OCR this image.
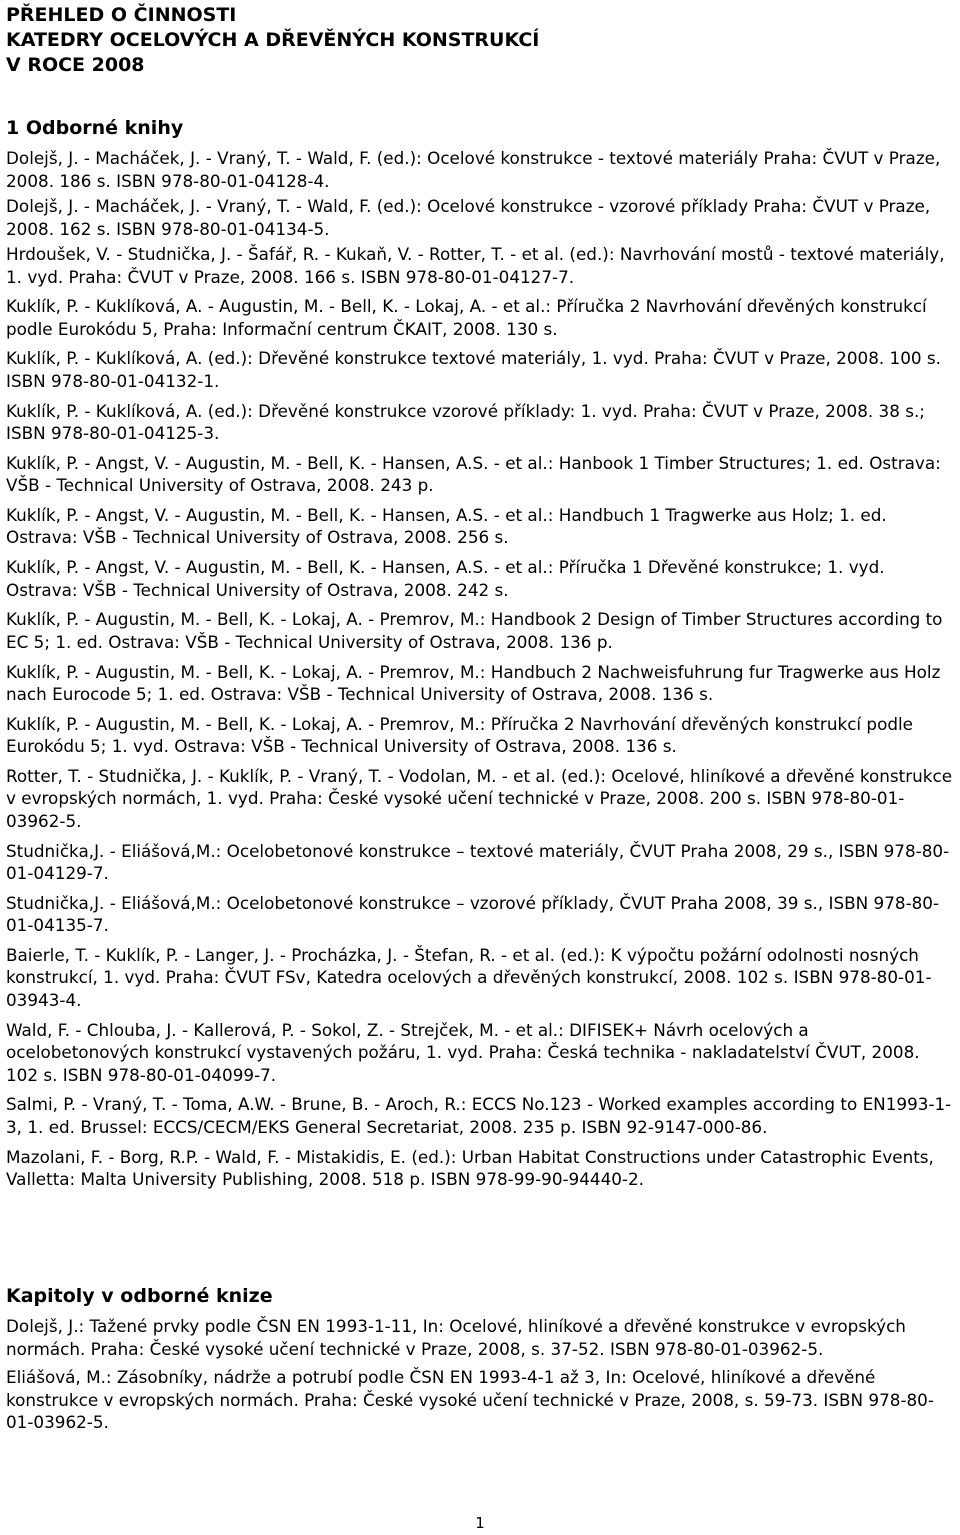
PŘEHLED O ČINNOSTI
KATEDRY OCELOVÝCH A DŘEVĚNÝCH KONSTRUKCÍ
V ROCE 2008
1 Odborné knihy

Dolejš, J. - Macháček, J. - Vraný, T. - Wald, F. (ed.): Ocelové konstrukce - textové materiály Praha: ČVUT v Praze, 2008. 186 s. ISBN 978-80-01-04128-4.

Dolejš, J. - Macháček, J. - Vraný, T. - Wald, F. (ed.): Ocelové konstrukce - vzorové příklady Praha: ČVUT v Praze, 2008. 162 s. ISBN 978-80-01-04134-5.

Hrdoušek, V. - Studnička, J. - Šafář, R. - Kukaň, V. - Rotter, T. - et al. (ed.): Navrhování mostů - textové materiály, 1. vyd. Praha: ČVUT v Praze, 2008. 166 s. ISBN 978-80-01-04127-7.

Kuklík, P. - Kuklíková, A. - Augustin, M. - Bell, K. - Lokaj, A. - et al.: Příručka 2 Navrhování dřevěných konstrukcí podle Eurokódu 5, Praha: Informační centrum ČKAIT, 2008. 130 s.

Kuklík, P. - Kuklíková, A. (ed.): Dřevěné konstrukce textové materiály, 1. vyd. Praha: ČVUT v Praze, 2008. 100 s. ISBN 978-80-01-04132-1.

Kuklík, P. - Kuklíková, A. (ed.): Dřevěné konstrukce vzorové příklady: 1. vyd. Praha: ČVUT v Praze, 2008. 38 s.; ISBN 978-80-01-04125-3.

Kuklík, P. - Angst, V. - Augustin, M. - Bell, K. - Hansen, A.S. - et al.: Hanbook 1 Timber Structures; 1. ed. Ostrava: VŠB - Technical University of Ostrava, 2008. 243 p.

Kuklík, P. - Angst, V. - Augustin, M. - Bell, K. - Hansen, A.S. - et al.: Handbuch 1 Tragwerke aus Holz; 1. ed. Ostrava: VŠB - Technical University of Ostrava, 2008. 256 s.

Kuklík, P. - Angst, V. - Augustin, M. - Bell, K. - Hansen, A.S. - et al.: Příručka 1 Dřevěné konstrukce; 1. vyd. Ostrava: VŠB - Technical University of Ostrava, 2008. 242 s.

Kuklík, P. - Augustin, M. - Bell, K. - Lokaj, A. - Premrov, M.: Handbook 2 Design of Timber Structures according to EC 5; 1. ed. Ostrava: VŠB - Technical University of Ostrava, 2008. 136 p.

Kuklík, P. - Augustin, M. - Bell, K. - Lokaj, A. - Premrov, M.: Handbuch 2 Nachweisfuhrung fur Tragwerke aus Holz nach Eurocode 5; 1. ed. Ostrava: VŠB - Technical University of Ostrava, 2008. 136 s.

Kuklík, P. - Augustin, M. - Bell, K. - Lokaj, A. - Premrov, M.: Příručka 2 Navrhování dřevěných konstrukcí podle Eurokódu 5; 1. vyd. Ostrava: VŠB - Technical University of Ostrava, 2008. 136 s.

Rotter, T. - Studnička, J. - Kuklík, P. - Vraný, T. - Vodolan, M. - et al. (ed.): Ocelové, hliníkové a dřevěné konstrukce v evropských normách, 1. vyd. Praha: České vysoké učení technické v Praze, 2008. 200 s. ISBN 978-80-01-03962-5.

Studnička,J. - Eliášová,M.: Ocelobetonové konstrukce – textové materiály, ČVUT Praha 2008, 29 s., ISBN 978-80-01-04129-7.

Studnička,J. - Eliášová,M.: Ocelobetonové konstrukce – vzorové příklady, ČVUT Praha 2008, 39 s., ISBN 978-80-01-04135-7.

Baierle, T. - Kuklík, P. - Langer, J. - Procházka, J. - Štefan, R. - et al. (ed.): K výpočtu požární odolnosti nosných konstrukcí, 1. vyd. Praha: ČVUT FSv, Katedra ocelových a dřevěných konstrukcí, 2008. 102 s. ISBN 978-80-01-03943-4.

Wald, F. - Chlouba, J. - Kallerová, P. - Sokol, Z. - Strejček, M. - et al.: DIFISEK+ Návrh ocelových a ocelobetonových konstrukcí vystavených požáru, 1. vyd. Praha: Česká technika - nakladatelství ČVUT, 2008. 102 s. ISBN 978-80-01-04099-7.

Salmi, P. - Vraný, T. - Toma, A.W. - Brune, B. - Aroch, R.: ECCS No.123 - Worked examples according to EN1993-1-3, 1. ed. Brussel: ECCS/CECM/EKS General Secretariat, 2008. 235 p. ISBN 92-9147-000-86.

Mazolani, F. - Borg, R.P. - Wald, F. - Mistakidis, E. (ed.): Urban Habitat Constructions under Catastrophic Events, Valletta: Malta University Publishing, 2008. 518 p. ISBN 978-99-90-94440-2.

Kapitoly v odborné knize

Dolejš, J.: Tažené prvky podle ČSN EN 1993-1-11, In: Ocelové, hliníkové a dřevěné konstrukce v evropských normách. Praha: České vysoké učení technické v Praze, 2008, s. 37-52. ISBN 978-80-01-03962-5.

Eliášová, M.: Zásobníky, nádrže a potrubí podle ČSN EN 1993-4-1 až 3, In: Ocelové, hliníkové a dřevěné konstrukce v evropských normách. Praha: České vysoké učení technické v Praze, 2008, s. 59-73. ISBN 978-80-01-03962-5.

1
